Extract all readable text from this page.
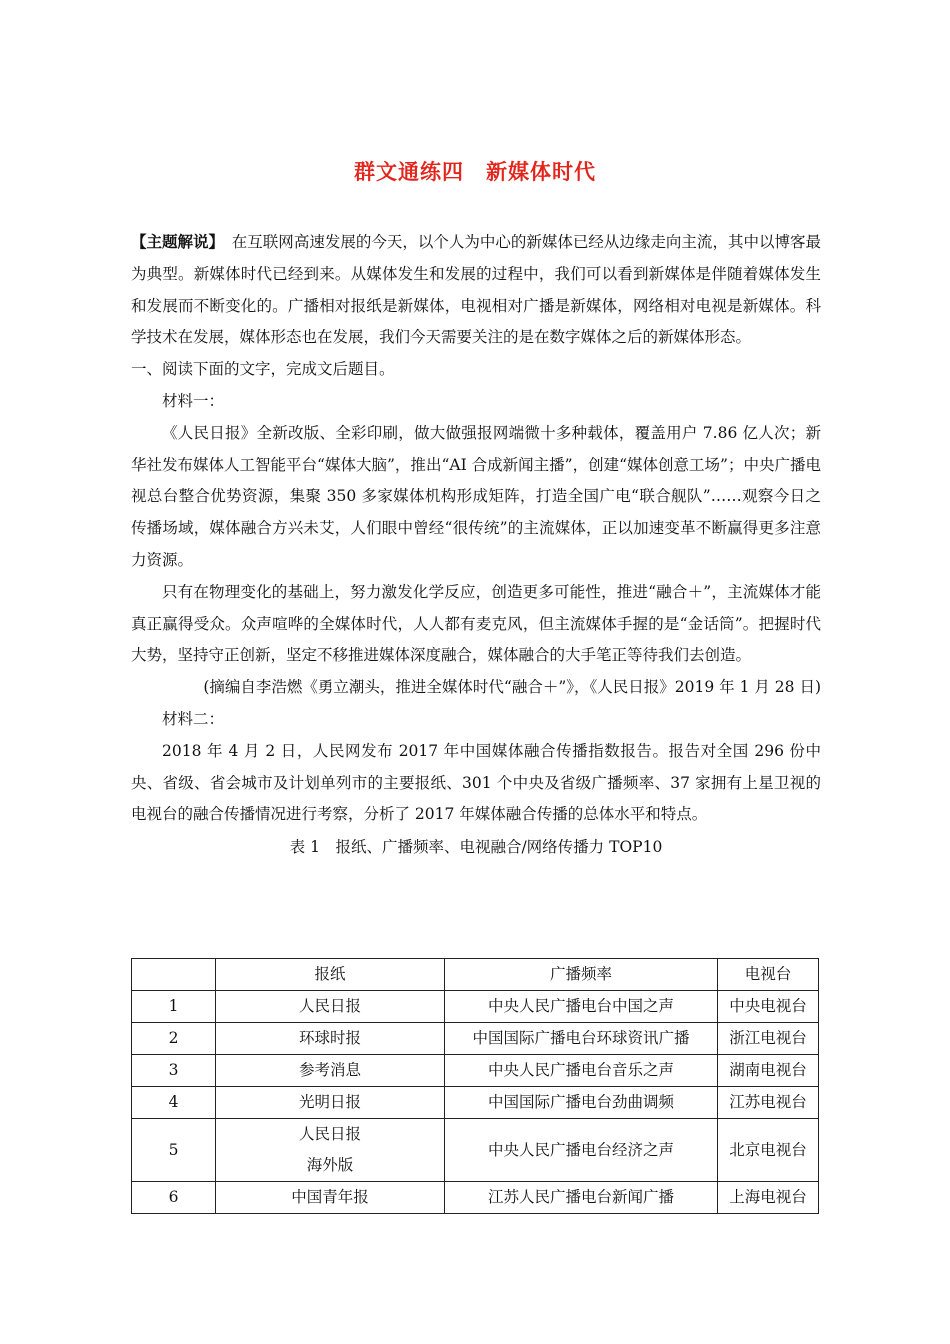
群文通练四 新媒体时代

【主题解说】　 在互联网高速发展的今天，以个人为中心的新媒体已经从边缘走向主流，其中以博客最为典型。新媒体时代已经到来。从媒体发生和发展的过程中，我们可以看到新媒体是伴随着媒体发生和发展而不断变化的。广播相对报纸是新媒体，电视相对广播是新媒体，网络相对电视是新媒体。科学技术在发展，媒体形态也在发展，我们今天需要关注的是在数字媒体之后的新媒体形态。

一、阅读下面的文字，完成文后题目。

材料一：

《人民日报》全新改版、全彩印刷，做大做强报网端微十多种载体，覆盖用户 7.86 亿人次；新华社发布媒体人工智能平台“媒体大脑”，推出“AI 合成新闻主播”，创建“媒体创意工场”；中央广播电视总台整合优势资源，集聚 350 多家媒体机构形成矩阵，打造全国广电“联合舰队”……观察今日之传播场域，媒体融合方兴未艾，人们眼中曾经“很传统”的主流媒体，正以加速变革不断赢得更多注意力资源。

只有在物理变化的基础上，努力激发化学反应，创造更多可能性，推进“融合＋”，主流媒体才能真正赢得受众。众声喧哗的全媒体时代，人人都有麦克风，但主流媒体手握的是“金话筒”。把握时代大势，坚持守正创新，坚定不移推进媒体深度融合，媒体融合的大手笔正等待我们去创造。

(摘编自李浩燃《勇立潮头，推进全媒体时代“融合＋”》，《人民日报》2019 年 1 月 28 日)

材料二：

2018 年 4 月 2 日，人民网发布 2017 年中国媒体融合传播指数报告。报告对全国 296 份中央、省级、省会城市及计划单列市的主要报纸、301 个中央及省级广播频率、37 家拥有上星卫视的电视台的融合传播情况进行考察，分析了 2017 年媒体融合传播的总体水平和特点。

表 1　报纸、广播频率、电视融合/网络传播力 TOP10

	报纸	广播频率	电视台
1	人民日报	中央人民广播电台中国之声	中央电视台
2	环球时报	中国国际广播电台环球资讯广播	浙江电视台
3	参考消息	中央人民广播电台音乐之声	湖南电视台
4	光明日报	中国国际广播电台劲曲调频	江苏电视台
5	人民日报
海外版	中央人民广播电台经济之声	北京电视台
6	中国青年报	江苏人民广播电台新闻广播	上海电视台
